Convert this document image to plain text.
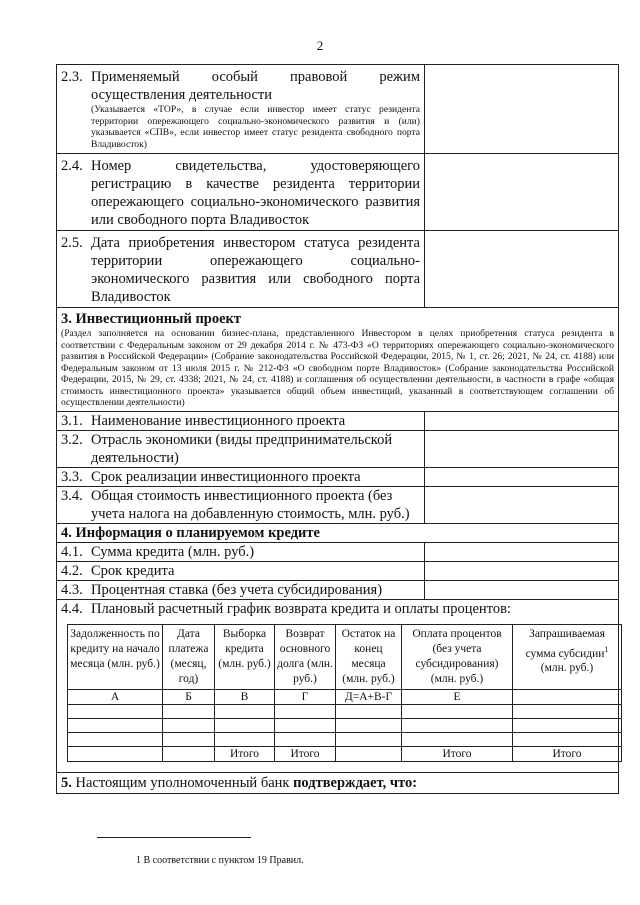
2
2.3. Применяемый особый правовой режим
осуществления деятельности
(Указывается «ТОР», в случае если инвестор имеет статус резидента территории опережающего социально-экономического развития и (или) указывается «СПВ», если инвестор имеет статус резидента свободного порта Владивосток)

2.4. Номер свидетельства, удостоверяющего
регистрацию в качестве резидента территории
опережающего социально-экономического развития
или свободного порта Владивосток

2.5. Дата приобретения инвестором статуса резидента
территории опережающего социально-
экономического развития или свободного порта
Владивосток

3. Инвестиционный проект
(Раздел заполняется на основании бизнес-плана, представленного Инвестором в целях приобретения статуса резидента в соответствии с Федеральным законом от 29 декабря 2014 г. № 473-ФЗ «О территориях опережающего социально-экономического развития в Российской Федерации» (Собрание законодательства Российской Федерации, 2015, № 1, ст. 26; 2021, № 24, ст. 4188) или Федеральным законом от 13 июля 2015 г. № 212-ФЗ «О свободном порте Владивосток» (Собрание законодательства Российской Федерации, 2015, № 29, ст. 4338; 2021, № 24, ст. 4188) и соглашения об осуществлении деятельности, в частности в графе «общая стоимость инвестиционного проекта» указывается общий объем инвестиций, указанный в соответствующем соглашении об осуществлении деятельности)

3.1. Наименование инвестиционного проекта

3.2. Отрасль экономики (виды предпринимательской
деятельности)

3.3. Срок реализации инвестиционного проекта

3.4. Общая стоимость инвестиционного проекта (без
учета налога на добавленную стоимость, млн. руб.)

4. Информация о планируемом кредите

4.1. Сумма кредита (млн. руб.)

4.2. Срок кредита

4.3. Процентная ставка (без учета субсидирования)

4.4. Плановый расчетный график возврата кредита и оплаты процентов:
Задолженность по кредиту на начало месяца (млн. руб.)	Дата платежа (месяц, год)	Выборка кредита (млн. руб.)	Возврат основного долга (млн. руб.)	Остаток на конец месяца (млн. руб.)	Оплата процентов (без учета субсидирования) (млн. руб.)	Запрашиваемая сумма субсидии$^1$
(млн. руб.)
А	Б	В	Г	Д=А+В-Г	Е	

		Итого	Итого		Итого	Итого

5. Настоящим уполномоченный банк подтверждает, что:
1 В соответствии с пунктом 19 Правил.
